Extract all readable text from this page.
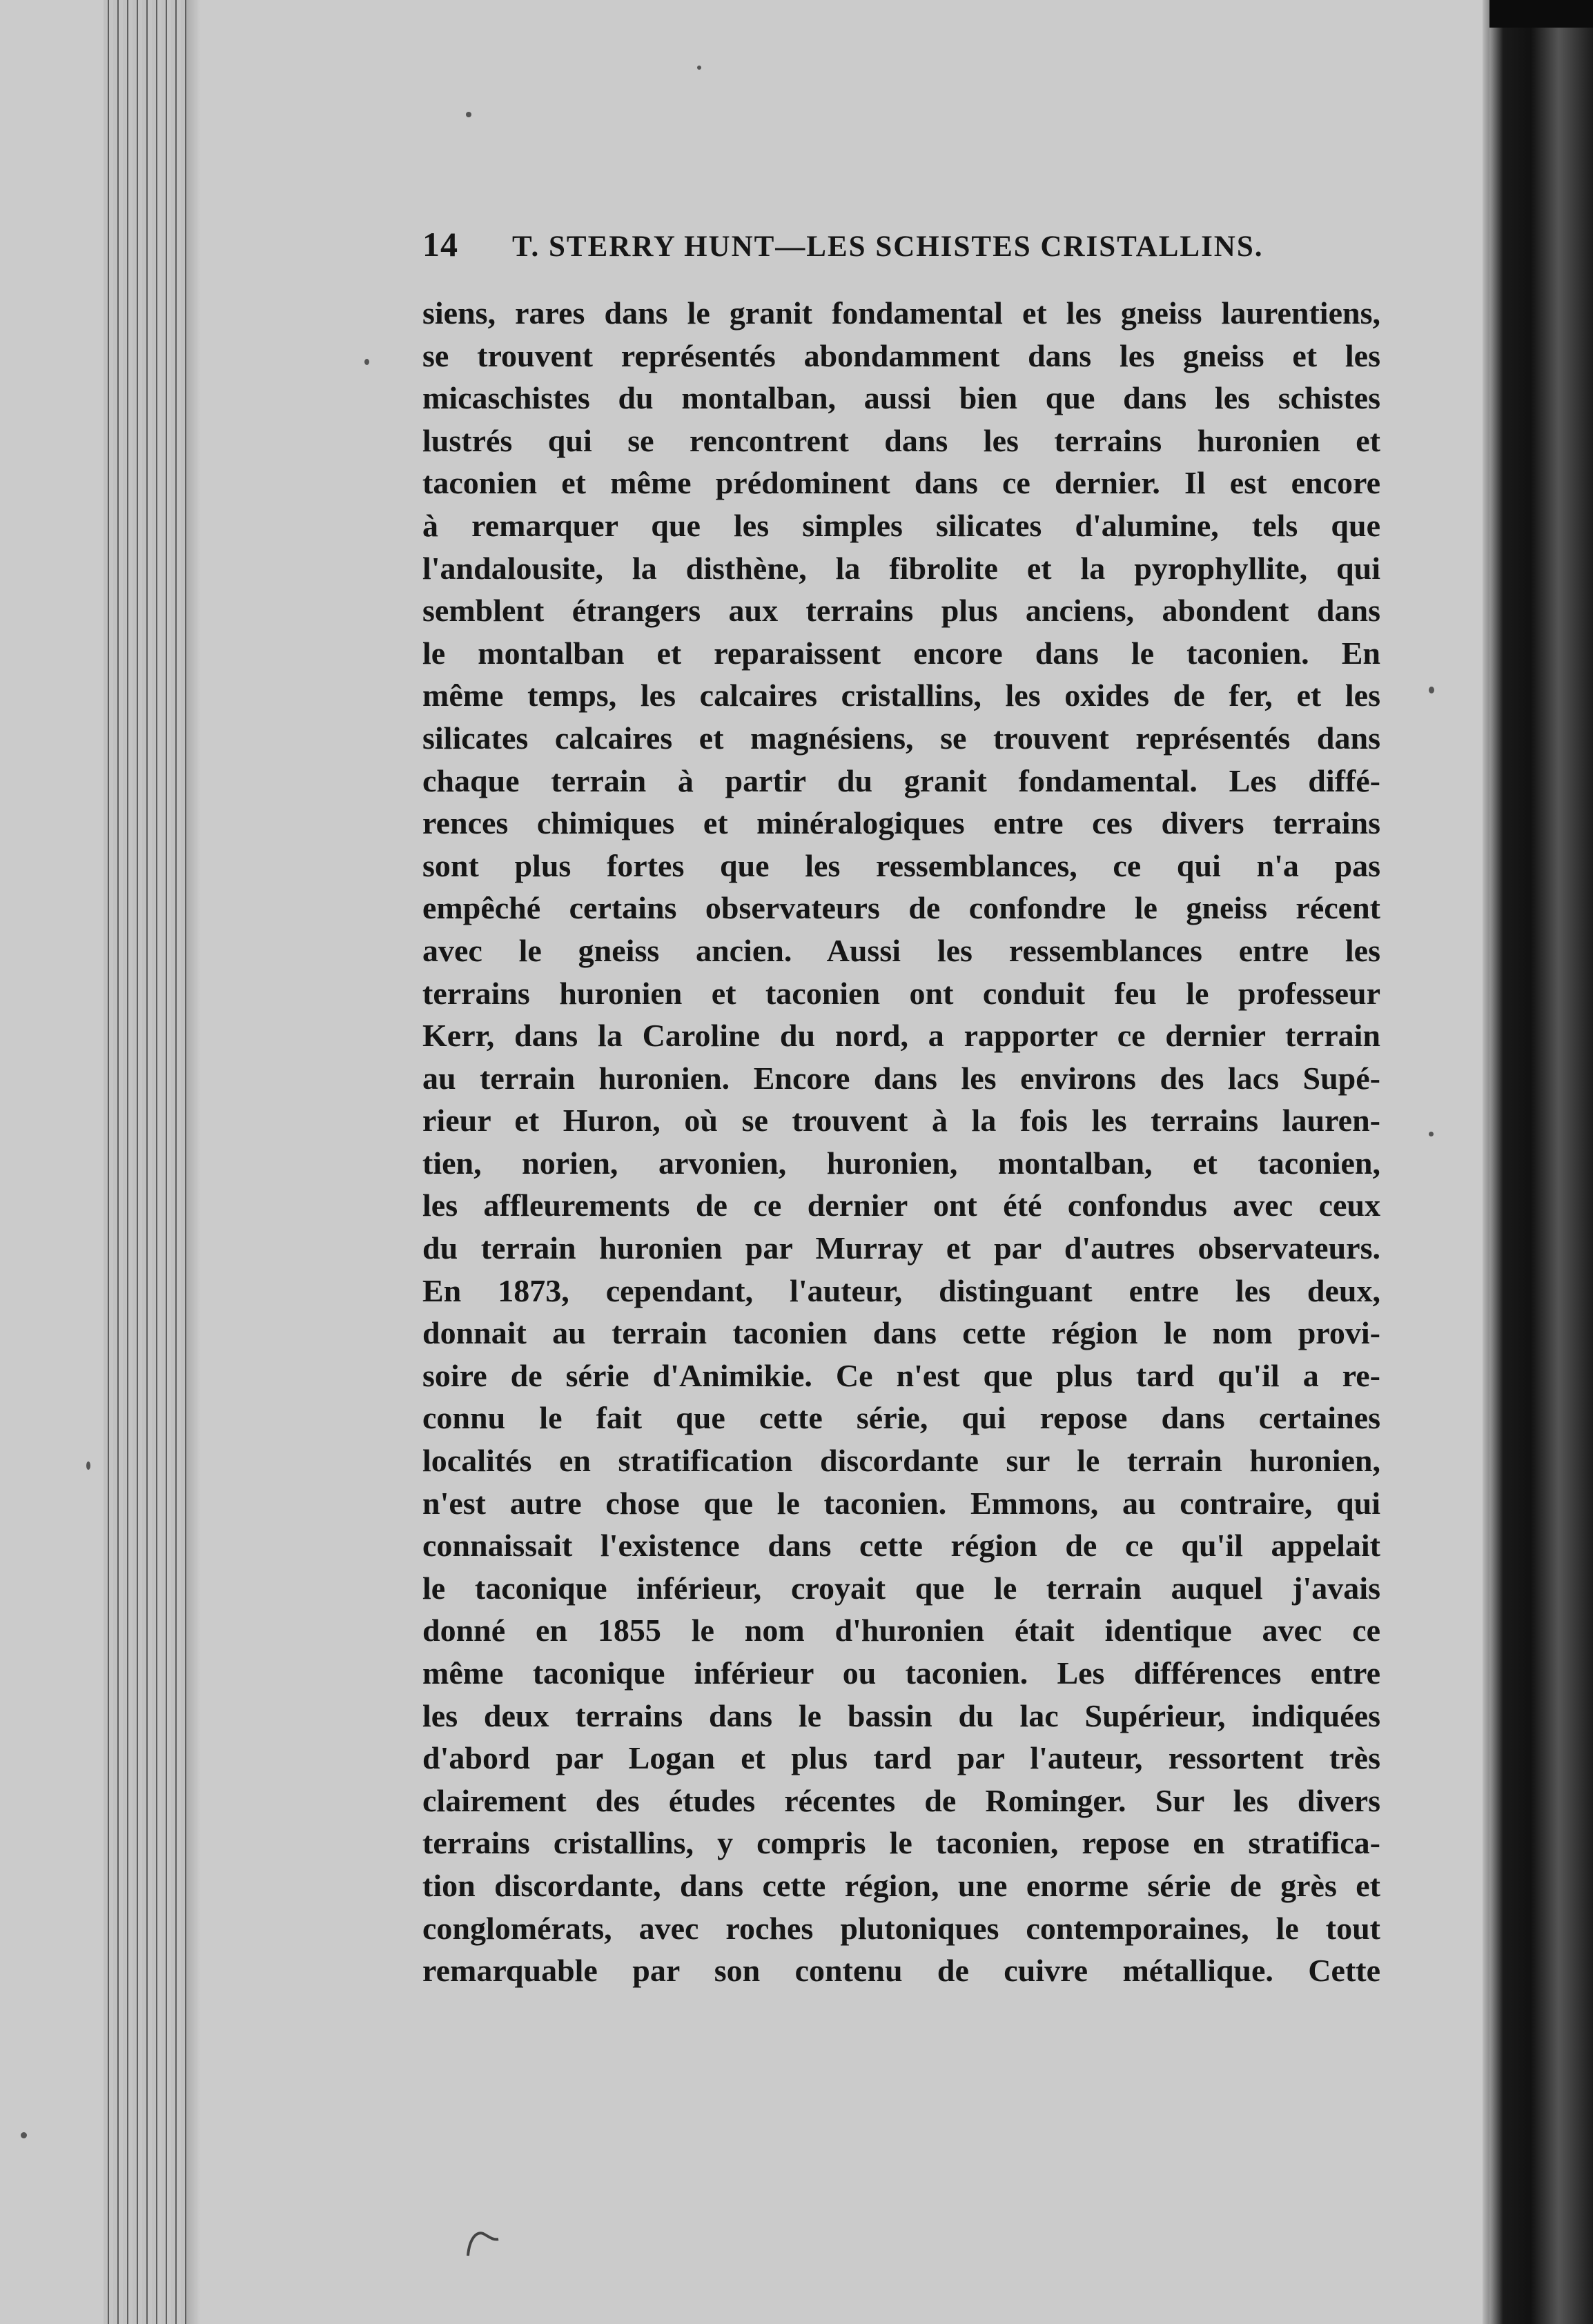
14	T. STERRY HUNT—LES SCHISTES CRISTALLINS.
siens, rares dans le granit fondamental et les gneiss laurentiens,
se trouvent représentés abondamment dans les gneiss et les
micaschistes du montalban, aussi bien que dans les schistes
lustrés qui se rencontrent dans les terrains huronien et
taconien et même prédominent dans ce dernier. Il est encore
à remarquer que les simples silicates d'alumine, tels que
l'andalousite, la disthène, la fibrolite et la pyrophyllite, qui
semblent étrangers aux terrains plus anciens, abondent dans
le montalban et reparaissent encore dans le taconien. En
même temps, les calcaires cristallins, les oxides de fer, et les
silicates calcaires et magnésiens, se trouvent représentés dans
chaque terrain à partir du granit fondamental. Les diffé-
rences chimiques et minéralogiques entre ces divers terrains
sont plus fortes que les ressemblances, ce qui n'a pas
empêché certains observateurs de confondre le gneiss récent
avec le gneiss ancien. Aussi les ressemblances entre les
terrains huronien et taconien ont conduit feu le professeur
Kerr, dans la Caroline du nord, a rapporter ce dernier terrain
au terrain huronien. Encore dans les environs des lacs Supé-
rieur et Huron, où se trouvent à la fois les terrains lauren-
tien, norien, arvonien, huronien, montalban, et taconien,
les affleurements de ce dernier ont été confondus avec ceux
du terrain huronien par Murray et par d'autres observateurs.
En 1873, cependant, l'auteur, distinguant entre les deux,
donnait au terrain taconien dans cette région le nom provi-
soire de série d'Animikie. Ce n'est que plus tard qu'il a re-
connu le fait que cette série, qui repose dans certaines
localités en stratification discordante sur le terrain huronien,
n'est autre chose que le taconien. Emmons, au contraire, qui
connaissait l'existence dans cette région de ce qu'il appelait
le taconique inférieur, croyait que le terrain auquel j'avais
donné en 1855 le nom d'huronien était identique avec ce
même taconique inférieur ou taconien. Les différences entre
les deux terrains dans le bassin du lac Supérieur, indiquées
d'abord par Logan et plus tard par l'auteur, ressortent très
clairement des études récentes de Rominger. Sur les divers
terrains cristallins, y compris le taconien, repose en stratifica-
tion discordante, dans cette région, une enorme série de grès et
conglomérats, avec roches plutoniques contemporaines, le tout
remarquable par son contenu de cuivre métallique. Cette
